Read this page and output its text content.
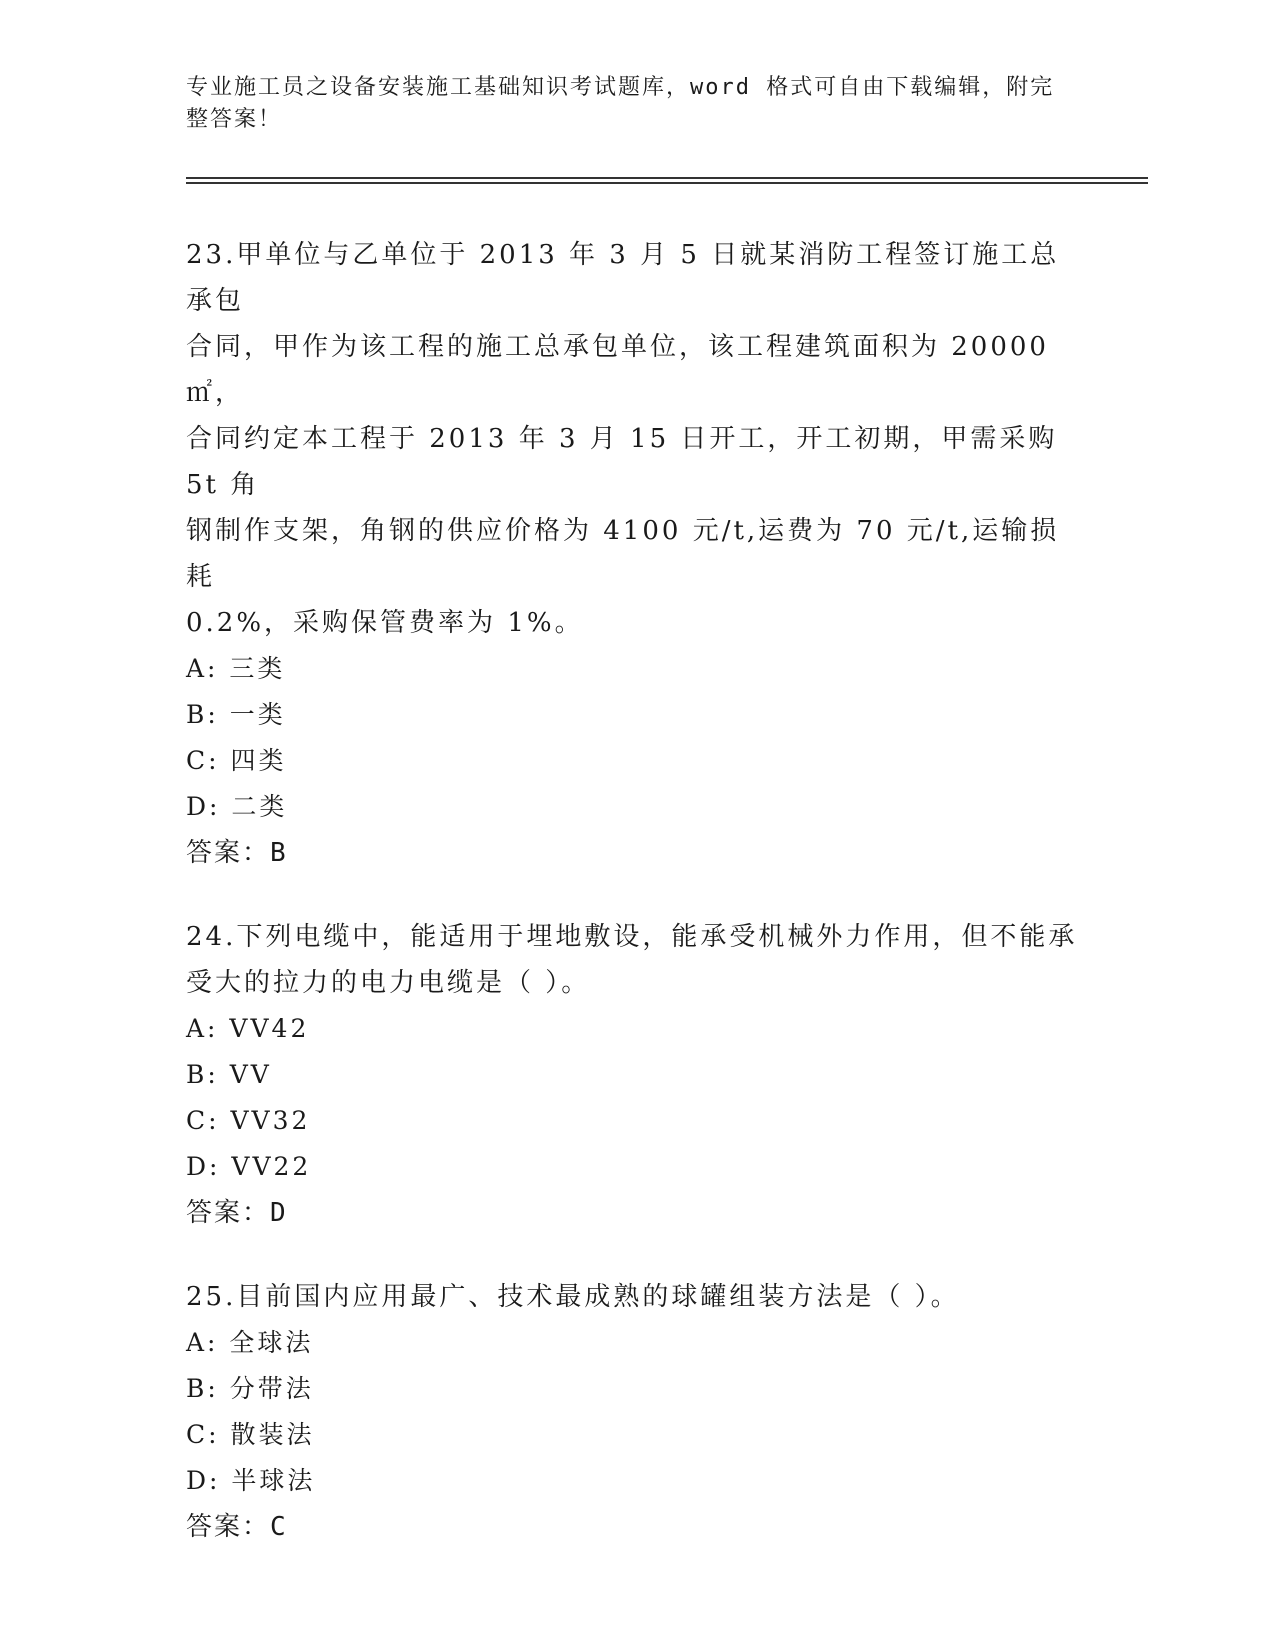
专业施工员之设备安装施工基础知识考试题库，word 格式可自由下载编辑，附完
整答案！

23.甲单位与乙单位于 2013 年 3 月 5 日就某消防工程签订施工总承包

合同，甲作为该工程的施工总承包单位，该工程建筑面积为 20000㎡，

合同约定本工程于 2013 年 3 月 15 日开工，开工初期，甲需采购 5t 角

钢制作支架，角钢的供应价格为 4100 元/t,运费为 70 元/t,运输损耗

0.2%，采购保管费率为 1%。

A: 三类
B: 一类
C: 四类
D: 二类
答案：B

24.下列电缆中，能适用于埋地敷设，能承受机械外力作用，但不能承

受大的拉力的电力电缆是（ ）。

A: VV42
B: VV
C: VV32
D: VV22
答案：D

25.目前国内应用最广、技术最成熟的球罐组装方法是（ ）。

A: 全球法
B: 分带法
C: 散装法
D: 半球法
答案：C
